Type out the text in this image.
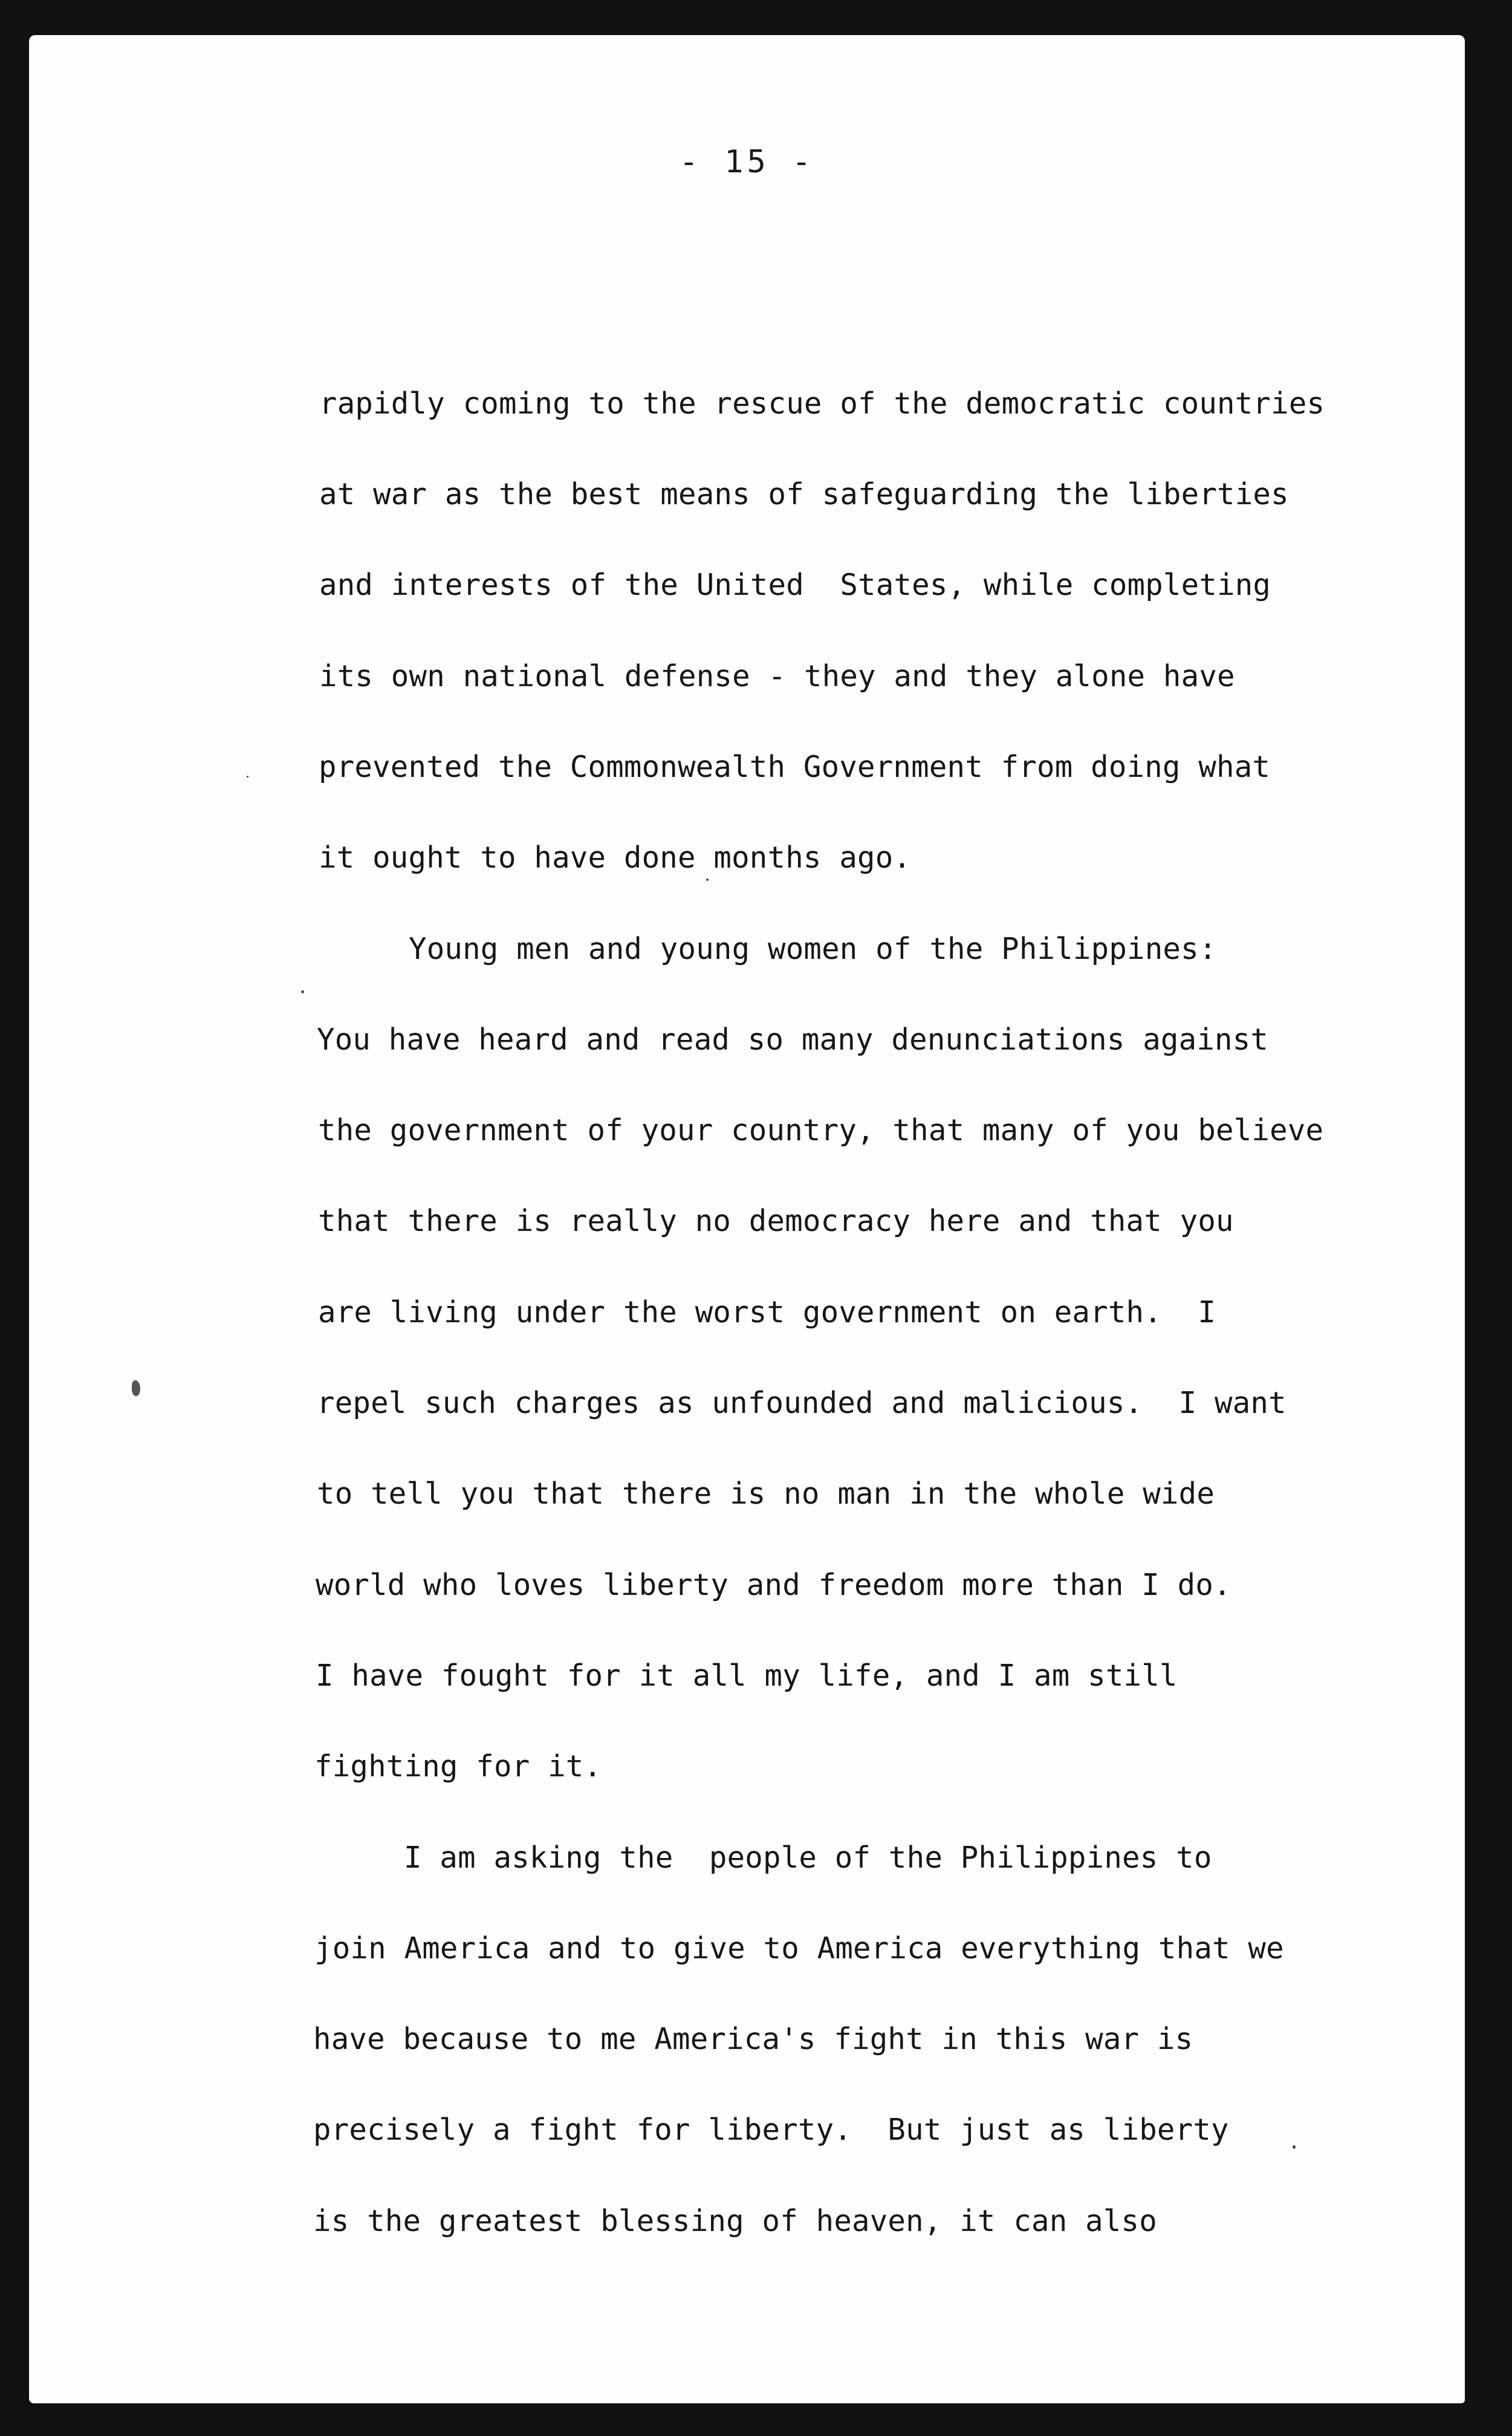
- 15 -
rapidly coming to the rescue of the democratic countries
at war as the best means of safeguarding the liberties
and interests of the United  States, while completing
its own national defense - they and they alone have
prevented the Commonwealth Government from doing what
it ought to have done months ago.
Young men and young women of the Philippines:
You have heard and read so many denunciations against
the government of your country, that many of you believe
that there is really no democracy here and that you
are living under the worst government on earth.  I
repel such charges as unfounded and malicious.  I want
to tell you that there is no man in the whole wide
world who loves liberty and freedom more than I do.
I have fought for it all my life, and I am still
fighting for it.
I am asking the  people of the Philippines to
join America and to give to America everything that we
have because to me America's fight in this war is
precisely a fight for liberty.  But just as liberty
is the greatest blessing of heaven, it can also
